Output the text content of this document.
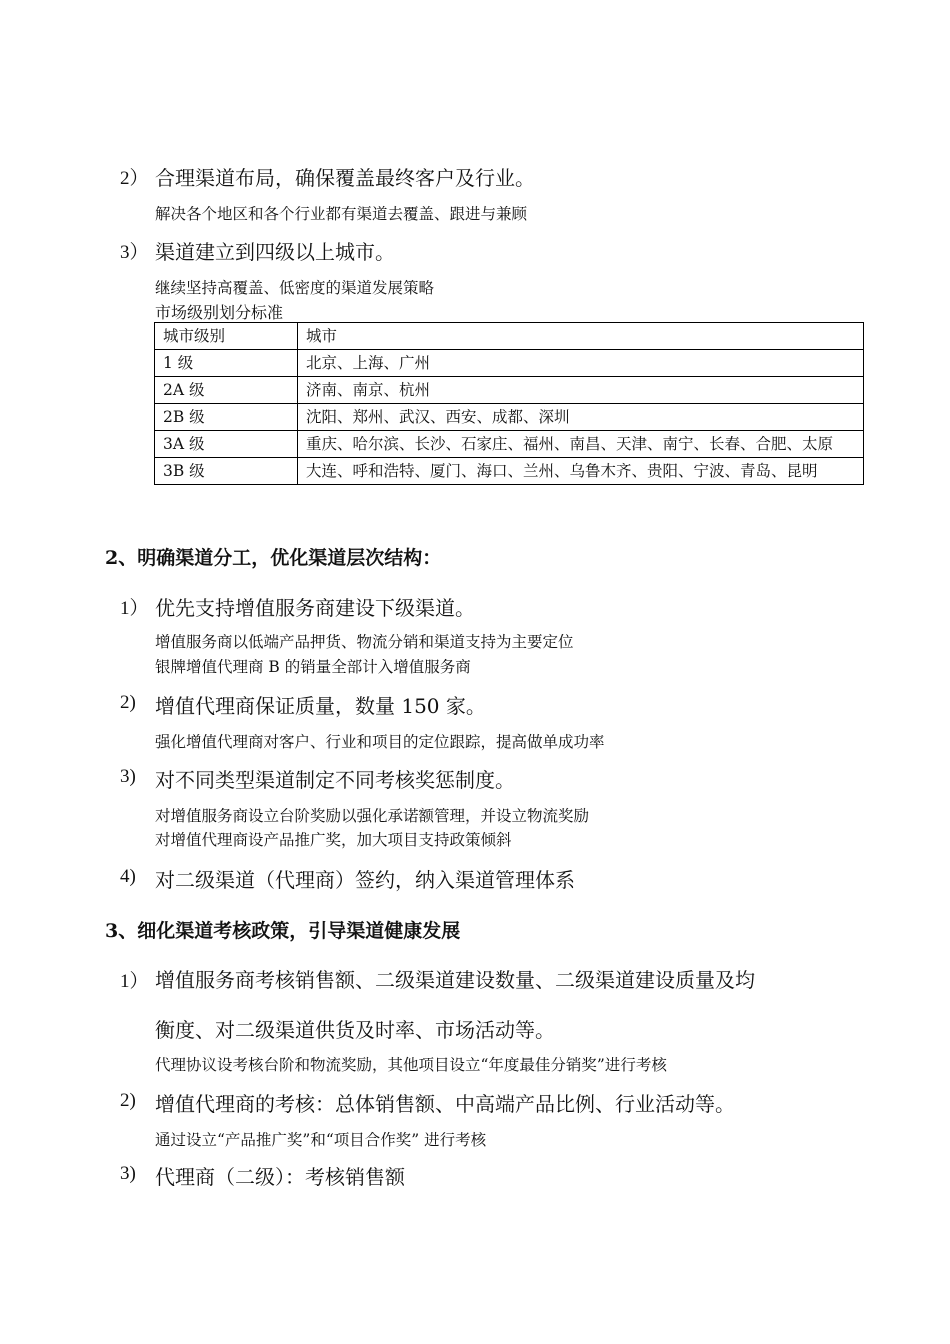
2） 合理渠道布局，确保覆盖最终客户及行业。
解决各个地区和各个行业都有渠道去覆盖、跟进与兼顾
3） 渠道建立到四级以上城市。
继续坚持高覆盖、低密度的渠道发展策略
市场级别划分标准
城市级别	城市
1 级	北京、上海、广州
2A 级	济南、南京、杭州
2B 级	沈阳、郑州、武汉、西安、成都、深圳
3A 级	重庆、哈尔滨、长沙、石家庄、福州、南昌、天津、南宁、长春、合肥、太原
3B 级	大连、呼和浩特、厦门、海口、兰州、乌鲁木齐、贵阳、宁波、青岛、昆明
2、明确渠道分工，优化渠道层次结构：
1） 优先支持增值服务商建设下级渠道。
增值服务商以低端产品押货、物流分销和渠道支持为主要定位
银牌增值代理商 B 的销量全部计入增值服务商
2) 增值代理商保证质量，数量 150 家。
强化增值代理商对客户、行业和项目的定位跟踪，提高做单成功率
3) 对不同类型渠道制定不同考核奖惩制度。
对增值服务商设立台阶奖励以强化承诺额管理，并设立物流奖励
对增值代理商设产品推广奖，加大项目支持政策倾斜
4) 对二级渠道（代理商）签约，纳入渠道管理体系
3、细化渠道考核政策，引导渠道健康发展
1） 增值服务商考核销售额、二级渠道建设数量、二级渠道建设质量及均
衡度、对二级渠道供货及时率、市场活动等。
代理协议设考核台阶和物流奖励，其他项目设立“年度最佳分销奖”进行考核
2) 增值代理商的考核：总体销售额、中高端产品比例、行业活动等。
通过设立“产品推广奖”和“项目合作奖” 进行考核
3) 代理商（二级）：考核销售额
